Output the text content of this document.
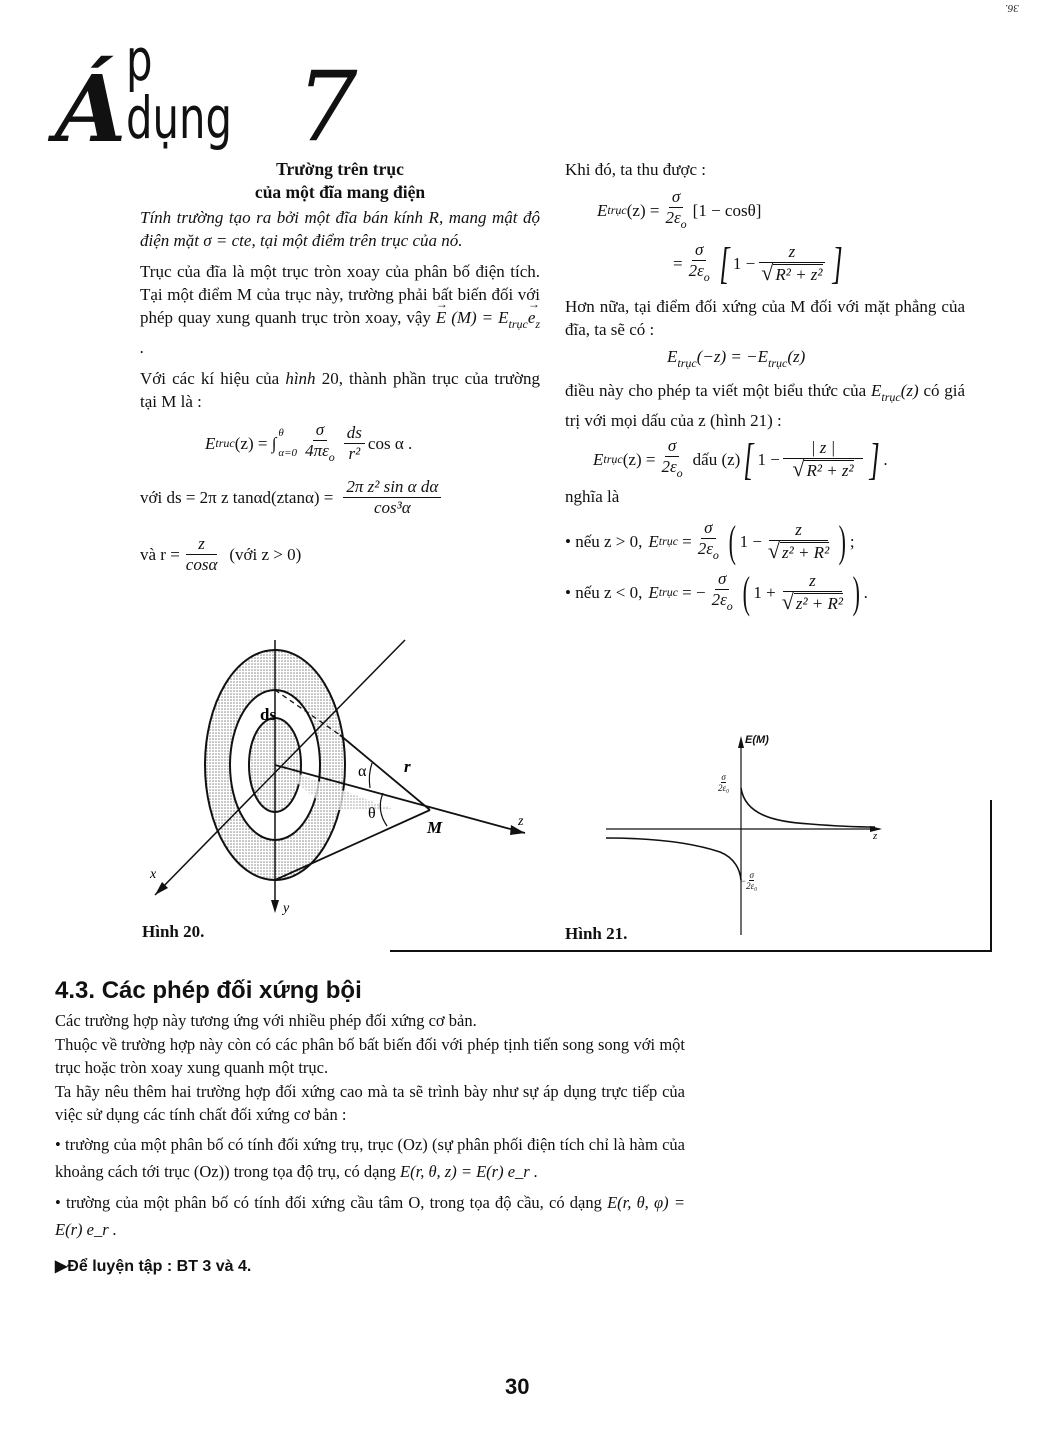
36.
Á p dụng 7
Trường trên trục
của một đĩa mang điện

Tính trường tạo ra bởi một đĩa bán kính R, mang mật độ điện mặt σ = cte, tại một điểm trên trục của nó.

Trục của đĩa là một trục tròn xoay của phân bố điện tích. Tại một điểm M của trục này, trường phải bất biến đối với phép quay xung quanh trục tròn xoay, vậy → E $(M) = E_{trục}\to e_z$ .

Với các kí hiệu của hình 20, thành phần trục của trường tại M là :

E truc (z) = ∫
θ
$\alpha=0 \frac{\sigma}{4\pi\varepsilon_o} \frac{ds}{\text{r²}}$ cos α .
với ds = 2π z $\tan\alpha d(ztan\alpha) = \frac{\text{2π z² sin α dα}}{\text{cos³α}}$
và $r = \frac{z}{\cos\alpha}$ (với z > 0)
ds
α
θ
r
M
x
y
z
Hình 20.

Khi đó, ta thu được :

E trục $(z) = \frac{\sigma}{2\varepsilon_o} [1 - \cos\theta]$
= $\frac{\sigma}{2\varepsilon_o}$ [ $1 - \frac{z}{\text{√ R² + z²}}$ ]

Hơn nữa, tại điểm đối xứng của M đối với mặt phẳng của đĩa, ta sẽ có :

$E_{trục}(-z) = -E_{trục}(z)$

điều này cho phép ta viết một biểu thức của $E_{trục}(z)$ có giá trị với mọi dấu của z (hình 21) :

E trục $(z) = \frac{\sigma}{2\varepsilon_o}$ dấu (z) [ $1 - \frac{| z |}{\text{√ R² + z²}}$ ] .

nghĩa là

• nếu z > 0, E trục = $\frac{\sigma}{2\varepsilon_o}$ ( $1 - \frac{z}{\text{√ z² + R²}}$ ) ;
• nếu z < 0, E trục = − $\frac{\sigma}{2\varepsilon_o}$ ( $1 + \frac{z}{\text{√ z² + R²}}$ ) .
E(M)
z
$\frac{\sigma}{\text{2ε₀}}$
− $\frac{\sigma}{\text{2ε₀}}$
Hình 21.
4.3. Các phép đối xứng bội

Các trường hợp này tương ứng với nhiều phép đối xứng cơ bản.

Thuộc về trường hợp này còn có các phân bố bất biến đối với phép tịnh tiến song song với một trục hoặc tròn xoay xung quanh một trục.

Ta hãy nêu thêm hai trường hợp đối xứng cao mà ta sẽ trình bày như sự áp dụng trực tiếp của việc sử dụng các tính chất đối xứng cơ bản :

• trường của một phân bố có tính đối xứng trụ, trục (Oz) (sự phân phối điện tích chỉ là hàm của khoảng cách tới trục (Oz)) trong tọa độ trụ, có dạng E(r, θ, z) = E(r) e_r .

• trường của một phân bố có tính đối xứng cầu tâm O, trong tọa độ cầu, có dạng E(r, θ, φ) = E(r) e_r .

▶Để luyện tập : BT 3 và 4.
30
